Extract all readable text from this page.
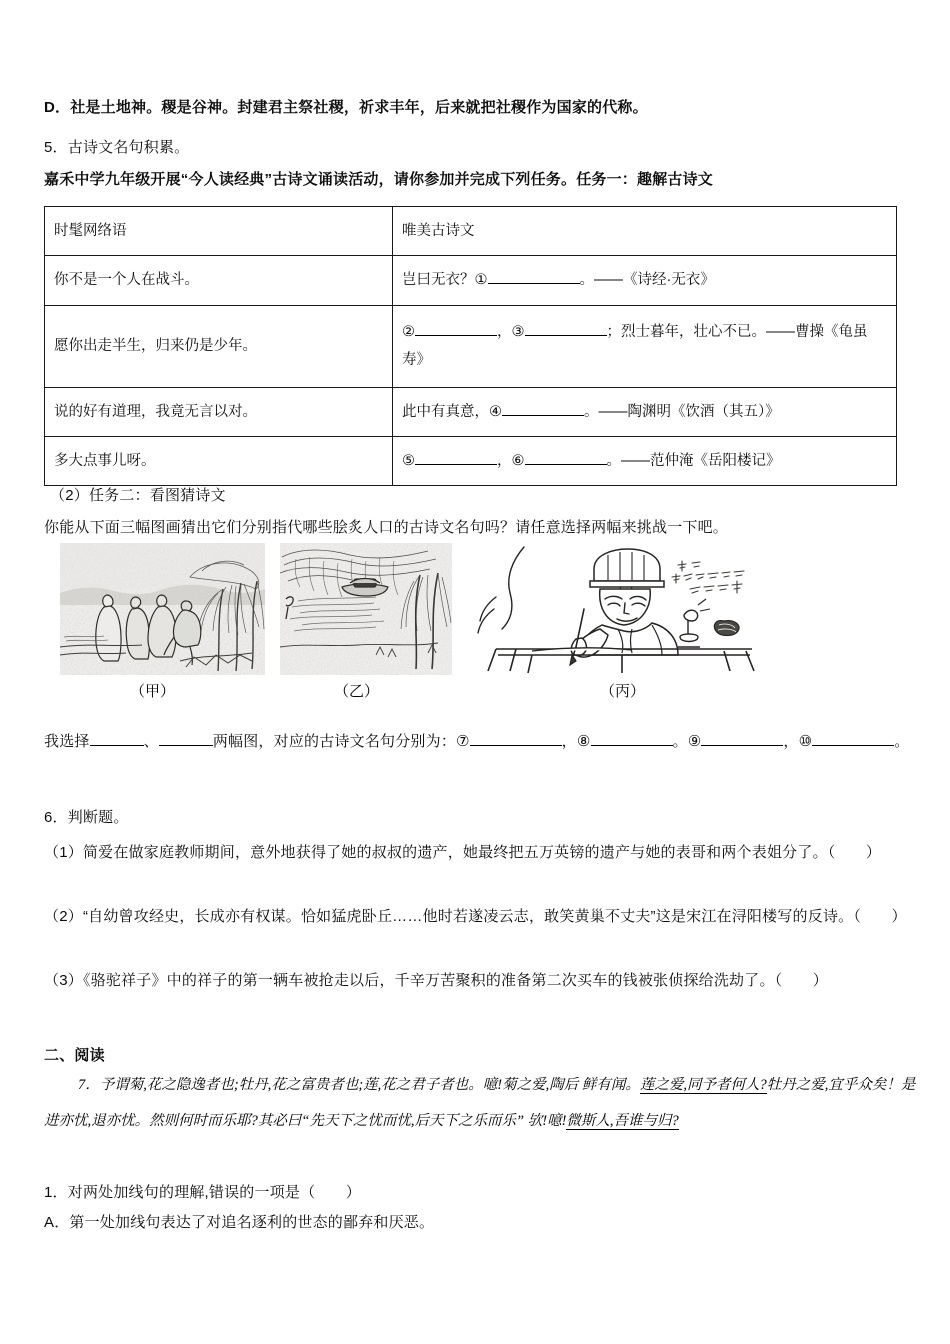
D．社是土地神。稷是谷神。封建君主祭社稷，祈求丰年，后来就把社稷作为国家的代称。
5．古诗文名句积累。
嘉禾中学九年级开展“今人读经典”古诗文诵读活动，请你参加并完成下列任务。任务一：趣解古诗文
时髦网络语	唯美古诗文
你不是一个人在战斗。	岂曰无衣？① 。——《诗经·无衣》
愿你出走半生，归来仍是少年。	② ，③ ；烈士暮年，壮心不已。——曹操《龟虽寿》
说的好有道理，我竟无言以对。	此中有真意，④ 。——陶渊明《饮酒（其五）》
多大点事儿呀。	⑤ ，⑥ 。——范仲淹《岳阳楼记》
（2）任务二：看图猜诗文
你能从下面三幅图画猜出它们分别指代哪些脍炙人口的古诗文名句吗？请任意选择两幅来挑战一下吧。
（甲）	（乙）	（丙）
我选择	、	两幅图，对应的古诗文名句分别为：⑦	，⑧	。⑨	，⑩	。
6．判断题。
（1）简爱在做家庭教师期间，意外地获得了她的叔叔的遗产，她最终把五万英镑的遗产与她的表哥和两个表姐分了。（　　）
（2）“自幼曾攻经史，长成亦有权谋。恰如猛虎卧丘……他时若遂凌云志，敢笑黄巢不丈夫”这是宋江在浔阳楼写的反诗。（　　）
（3）《骆驼祥子》中的祥子的第一辆车被抢走以后，千辛万苦聚积的准备第二次买车的钱被张侦探给洗劫了。（　　）
二、阅读
7．予谓菊,花之隐逸者也;牡丹,花之富贵者也;莲,花之君子者也。噫!菊之爱,陶后 鲜有闻。莲之爱,同予者何人?牡丹之爱,宜乎众矣！是进亦忧,退亦忧。然则何时而乐耶?其必曰“先天下之忧而忧,后天下之乐而乐” 欤!噫!微斯人,吾谁与归?
1．对两处加线句的理解,错误的一项是（　　）
A．第一处加线句表达了对追名逐利的世态的鄙弃和厌恶。
